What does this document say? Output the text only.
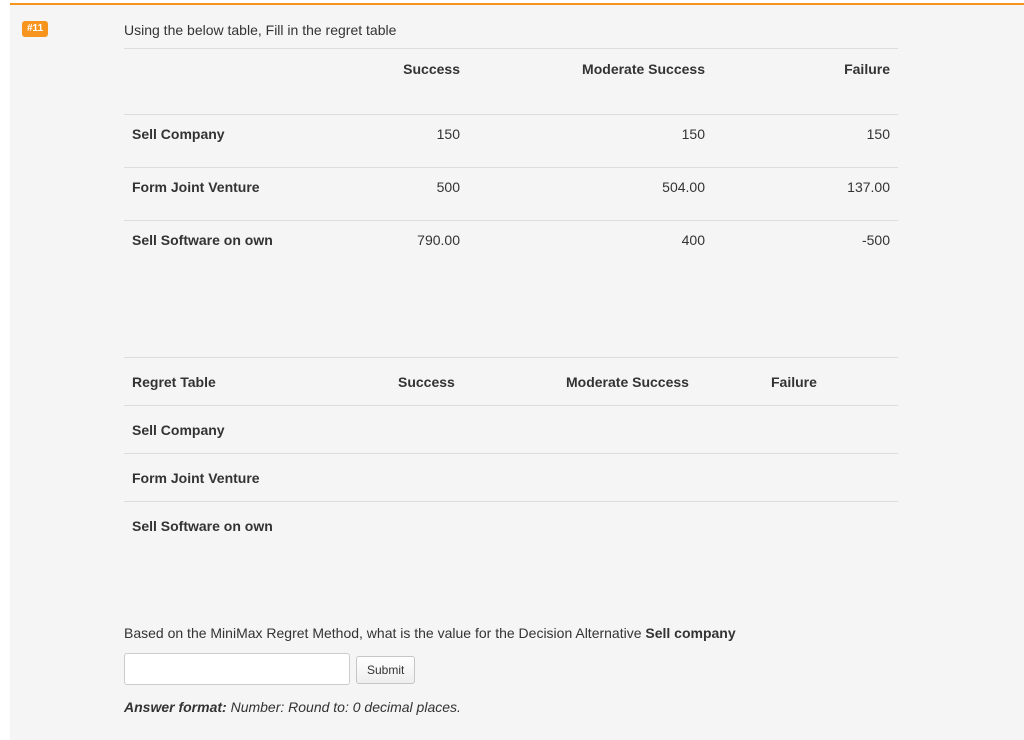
#11	Using the below table, Fill in the regret table
	Success	Moderate Success	Failure
Sell Company	150	150	150
Form Joint Venture	500	504.00	137.00
Sell Software on own	790.00	400	-500
Regret Table	Success	Moderate Success	Failure
Sell Company			
Form Joint Venture			
Sell Software on own			
Based on the MiniMax Regret Method, what is the value for the Decision Alternative Sell company
Submit
Answer format: Number: Round to: 0 decimal places.
